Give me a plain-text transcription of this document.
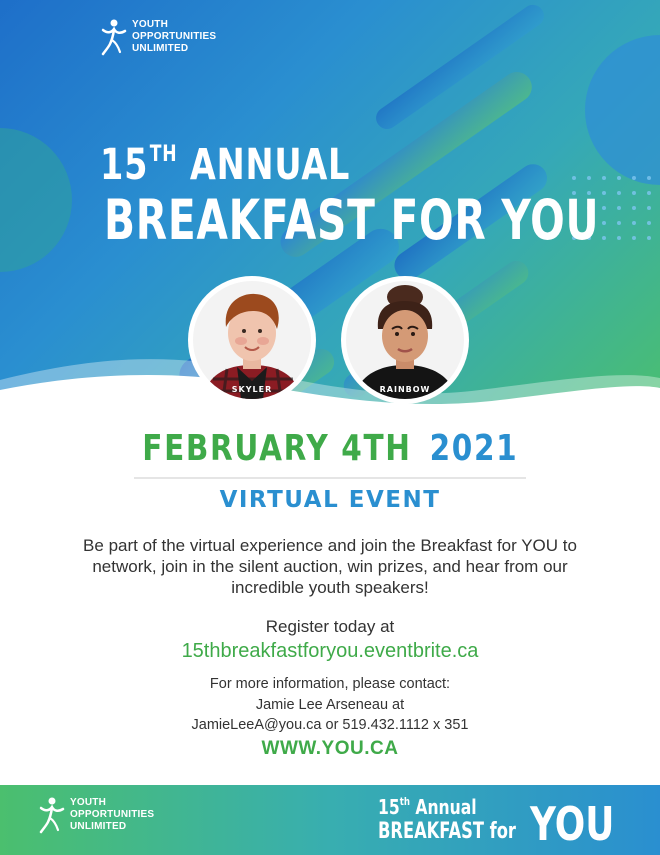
YOUTH
OPPORTUNITIES
UNLIMITED
15TH ANNUAL
BREAKFAST FOR YOU
SKYLER	RAINBOW
FEBRUARY 4TH 2021
VIRTUAL EVENT
Be part of the virtual experience and join the Breakfast for YOU to network, join in the silent auction, win prizes, and hear from our incredible youth speakers!
Register today at
15thbreakfastforyou.eventbrite.ca
For more information, please contact:
Jamie Lee Arseneau at
JamieLeeA@you.ca or 519.432.1112 x 351
WWW.YOU.CA
YOUTH
OPPORTUNITIES
UNLIMITED
15th Annual
BREAKFAST for YOU
